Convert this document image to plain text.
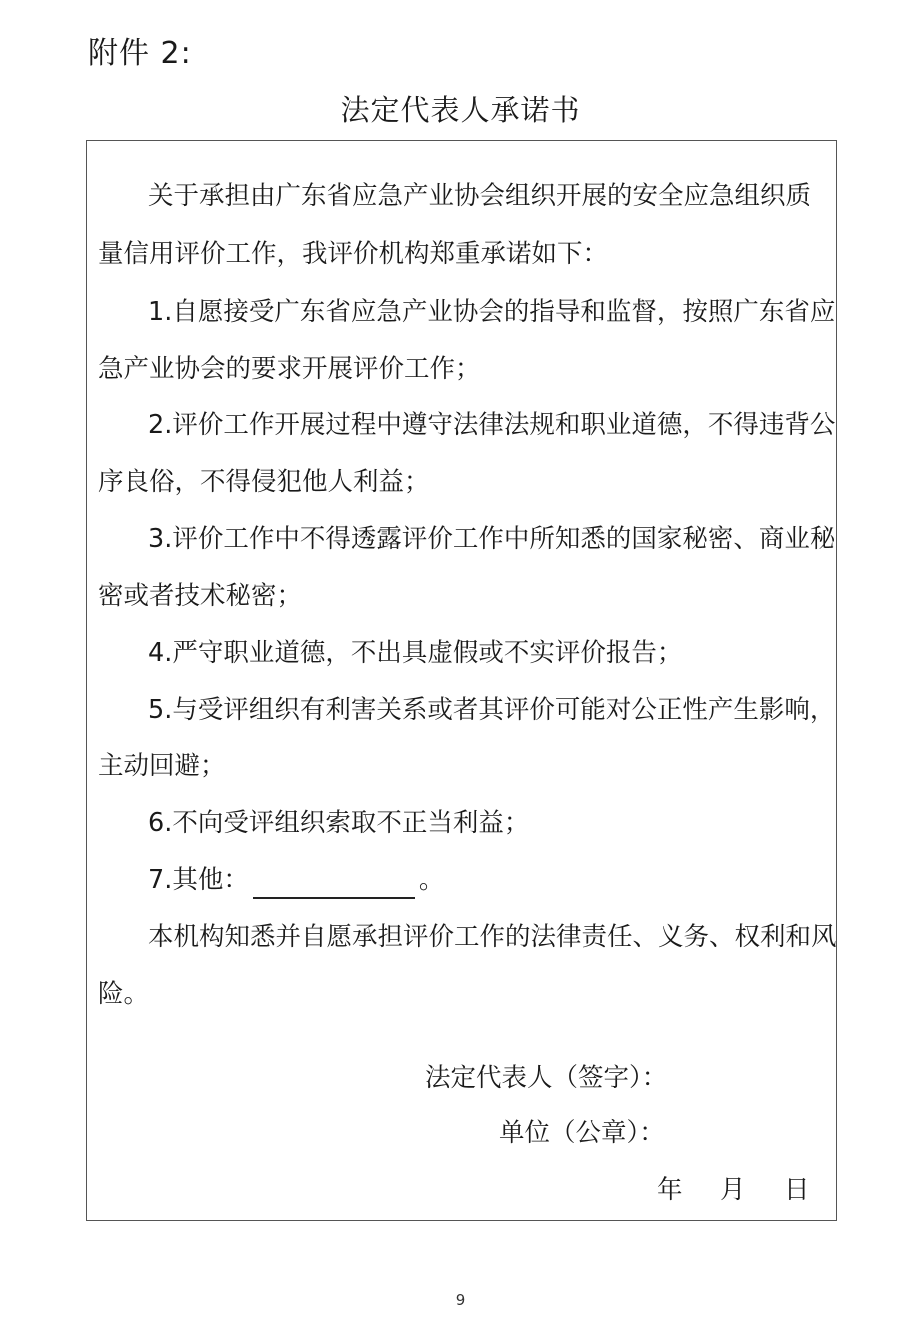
附件 2:
法定代表人承诺书
关于承担由广东省应急产业协会组织开展的安全应急组织质
量信用评价工作，我评价机构郑重承诺如下：
1.自愿接受广东省应急产业协会的指导和监督，按照广东省应
急产业协会的要求开展评价工作；
2.评价工作开展过程中遵守法律法规和职业道德，不得违背公
序良俗，不得侵犯他人利益；
3.评价工作中不得透露评价工作中所知悉的国家秘密、商业秘
密或者技术秘密；
4.严守职业道德，不出具虚假或不实评价报告；
5.与受评组织有利害关系或者其评价可能对公正性产生影响，
主动回避；
6.不向受评组织索取不正当利益；
7.其他：	。
本机构知悉并自愿承担评价工作的法律责任、义务、权利和风
险。
法定代表人（签字）：
单位（公章）：
年 月 日
9
